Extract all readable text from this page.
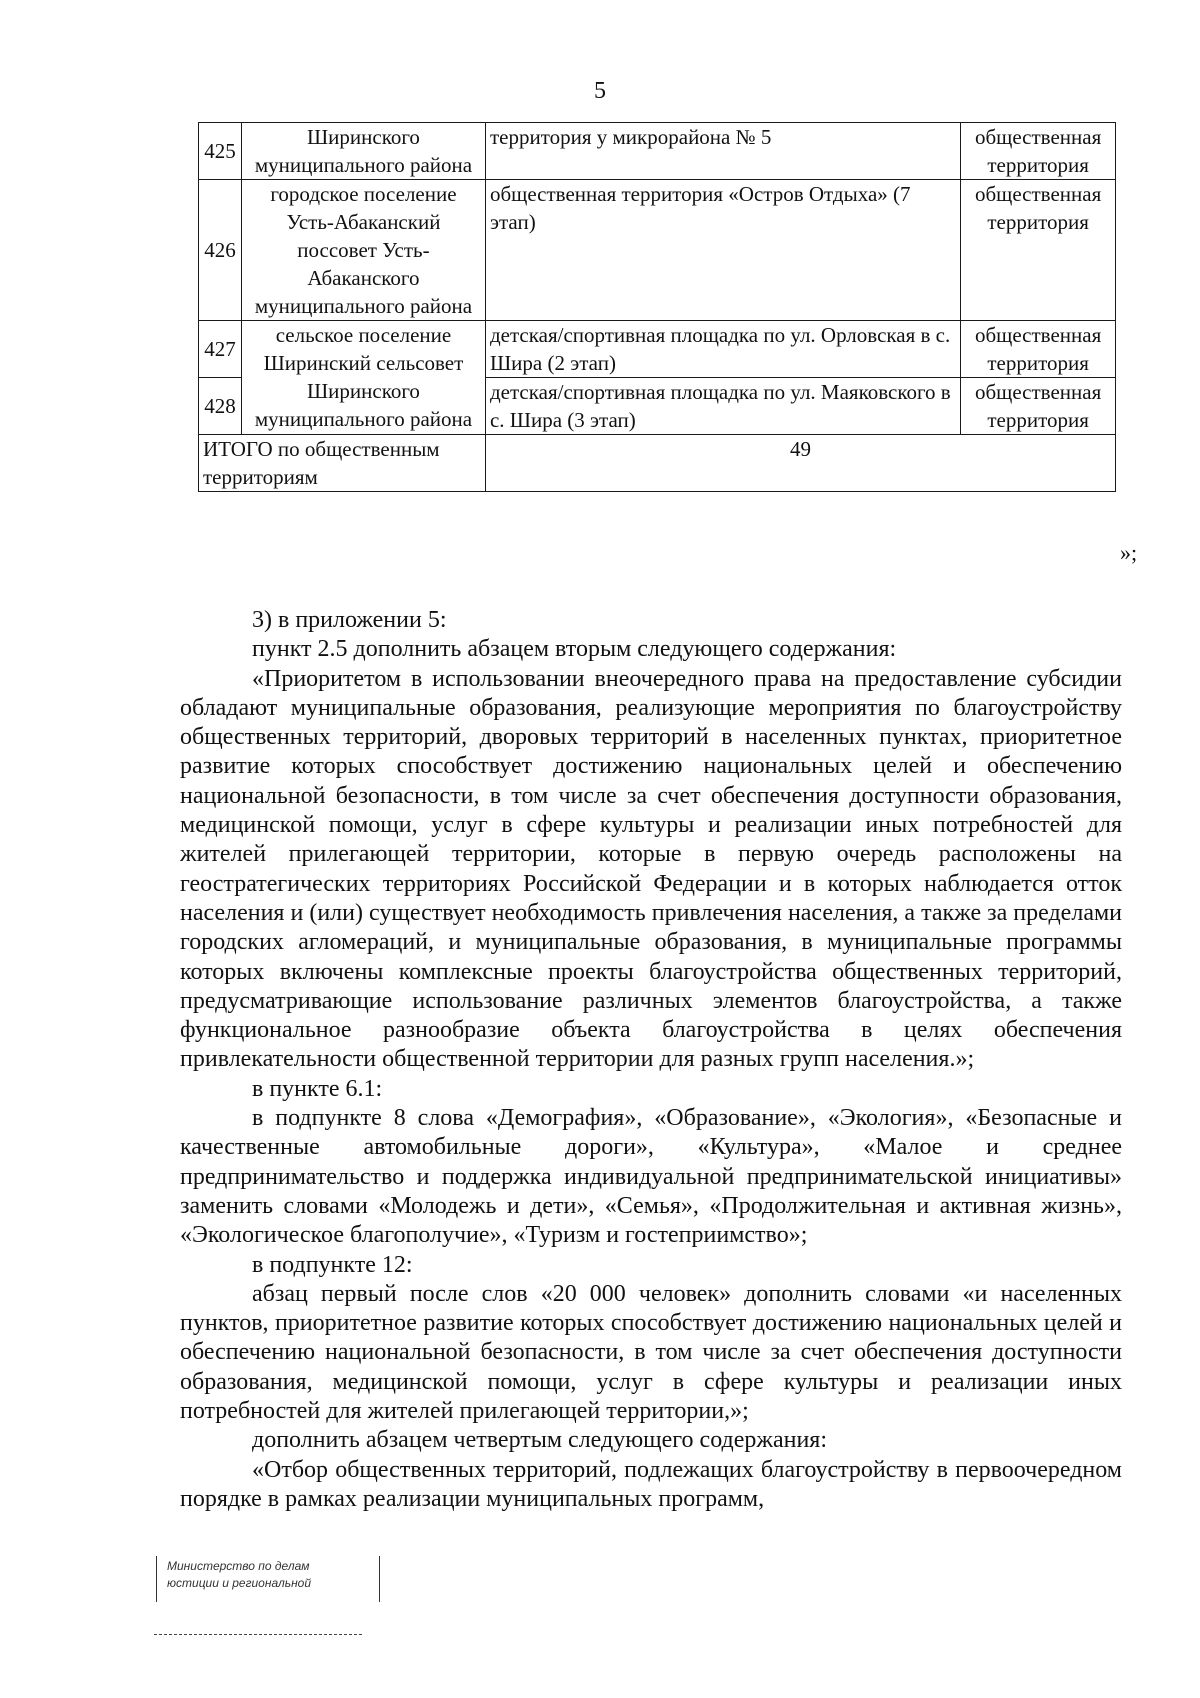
5
425	Ширинского муниципального района	территория у микрорайона № 5	общественная территория
426	городское поселение Усть-Абаканский поссовет Усть-Абаканского муниципального района	общественная территория «Остров Отдыха» (7 этап)	общественная территория
427	сельское поселение Ширинский сельсовет Ширинского муниципального района	детская/спортивная площадка по ул. Орловская в с. Шира (2 этап)	общественная территория
428		детская/спортивная площадка по ул. Маяковского в с. Шира (3 этап)	общественная территория
ИТОГО по общественным территориям		49	
»;

3) в приложении 5:

пункт 2.5 дополнить абзацем вторым следующего содержания:

«Приоритетом в использовании внеочередного права на предоставление субсидии обладают муниципальные образования, реализующие мероприятия по благоустройству общественных территорий, дворовых территорий в населенных пунктах, приоритетное развитие которых способствует достижению национальных целей и обеспечению национальной безопасности, в том числе за счет обеспечения доступности образования, медицинской помощи, услуг в сфере культуры и реализации иных потребностей для жителей прилегающей территории, которые в первую очередь расположены на геостратегических территориях Российской Федерации и в которых наблюдается отток населения и (или) существует необходимость привлечения населения, а также за пределами городских агломераций, и муниципальные образования, в муниципальные программы которых включены комплексные проекты благоустройства общественных территорий, предусматривающие использование различных элементов благоустройства, а также функциональное разнообразие объекта благоустройства в целях обеспечения привлекательности общественной территории для разных групп населения.»;

в пункте 6.1:

в подпункте 8 слова «Демография», «Образование», «Экология», «Безопасные и качественные автомобильные дороги», «Культура», «Малое и среднее предпринимательство и поддержка индивидуальной предпринимательской инициативы» заменить словами «Молодежь и дети», «Семья», «Продолжительная и активная жизнь», «Экологическое благополучие», «Туризм и гостеприимство»;

в подпункте 12:

абзац первый после слов «20 000 человек» дополнить словами «и населенных пунктов, приоритетное развитие которых способствует достижению национальных целей и обеспечению национальной безопасности, в том числе за счет обеспечения доступности образования, медицинской помощи, услуг в сфере культуры и реализации иных потребностей для жителей прилегающей территории,»;

дополнить абзацем четвертым следующего содержания:

«Отбор общественных территорий, подлежащих благоустройству в первоочередном порядке в рамках реализации муниципальных программ,

Министерство по делам
юстиции и региональной
